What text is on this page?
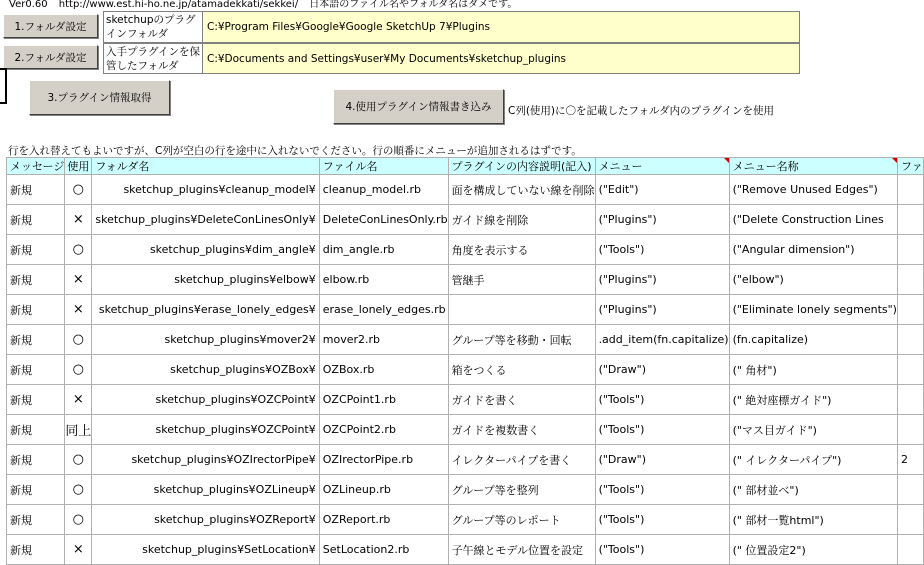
Ver0.60 http://www.est.hi-ho.ne.jp/atamadekkati/sekkei/ 日本語のファイル名やフォルダ名はダメです。
1.フォルダ設定
2.フォルダ設定
sketchupのプラグインフォルダ
C:¥Program Files¥Google¥Google SketchUp 7¥Plugins
入手プラグインを保管したフォルダ
C:¥Documents and Settings¥user¥My Documents¥sketchup_plugins
3.プラグイン情報取得
4.使用プラグイン情報書き込み	C列(使用)に〇を記載したフォルダ内のプラグインを使用
行を入れ替えてもよいですが、C列が空白の行を途中に入れないでください。行の順番にメニューが追加されるはずです。
メッセージ	使用	フォルダ名	ファイル名	プラグインの内容説明(記入)	メニュー	メニュー名称	ファ
新規	○	sketchup_plugins¥cleanup_model¥	cleanup_model.rb	面を構成していない線を削除	("Edit")	("Remove Unused Edges")	
新規	×	sketchup_plugins¥DeleteConLinesOnly¥	DeleteConLinesOnly.rb	ガイド線を削除	("Plugins")	("Delete Construction Lines	
新規	○	sketchup_plugins¥dim_angle¥	dim_angle.rb	角度を表示する	("Tools")	("Angular dimension")	
新規	×	sketchup_plugins¥elbow¥	elbow.rb	管継手	("Plugins")	("elbow")	
新規	×	sketchup_plugins¥erase_lonely_edges¥	erase_lonely_edges.rb		("Plugins")	("Eliminate lonely segments")	
新規	○	sketchup_plugins¥mover2¥	mover2.rb	グループ等を移動・回転	.add_item(fn.capitalize)	(fn.capitalize)	
新規	○	sketchup_plugins¥OZBox¥	OZBox.rb	箱をつくる	("Draw")	(" 角材")	
新規	×	sketchup_plugins¥OZCPoint¥	OZCPoint1.rb	ガイドを書く	("Tools")	(" 絶対座標ガイド")	
新規	同上	sketchup_plugins¥OZCPoint¥	OZCPoint2.rb	ガイドを複数書く	("Tools")	("マス目ガイド")	
新規	○	sketchup_plugins¥OZIrectorPipe¥	OZIrectorPipe.rb	イレクターパイプを書く	("Draw")	(" イレクターパイプ")	2
新規	○	sketchup_plugins¥OZLineup¥	OZLineup.rb	グループ等を整列	("Tools")	(" 部材並べ")	
新規	○	sketchup_plugins¥OZReport¥	OZReport.rb	グループ等のレポート	("Tools")	(" 部材一覧html")	
新規	×	sketchup_plugins¥SetLocation¥	SetLocation2.rb	子午線とモデル位置を設定	("Tools")	(" 位置設定2")	
